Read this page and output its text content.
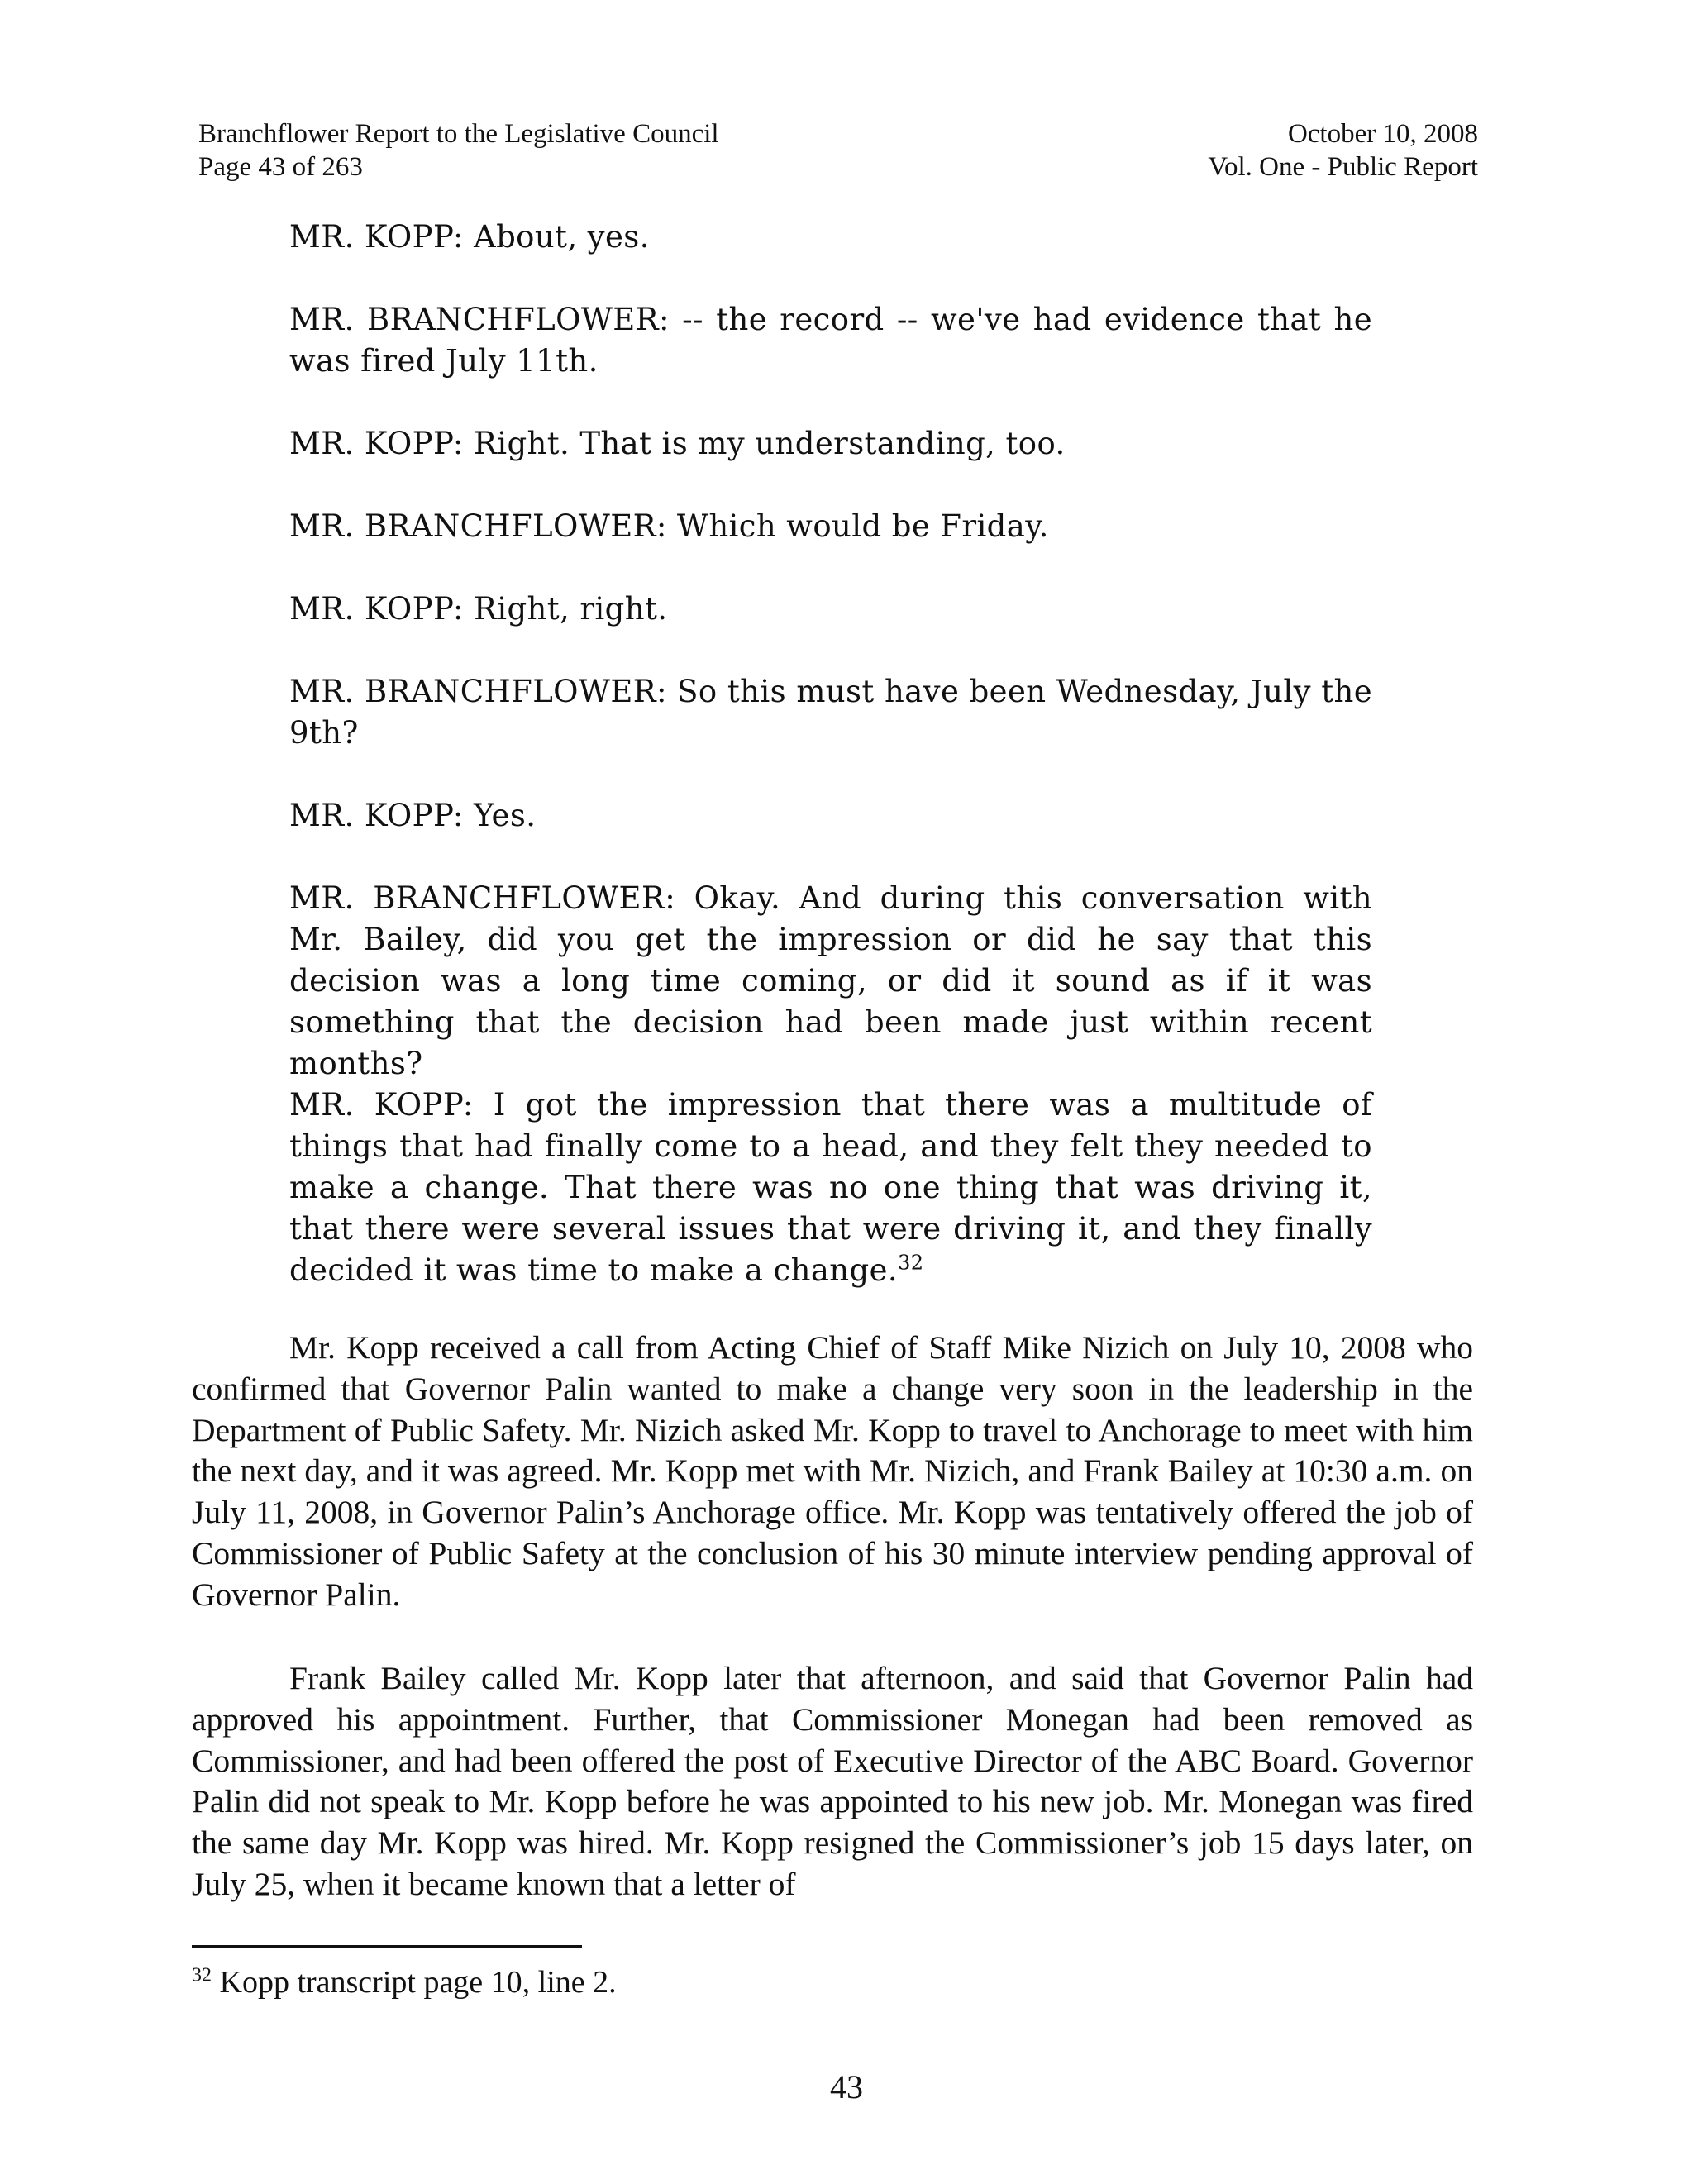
Branchflower Report to the Legislative Council
Page 43 of 263
October 10, 2008
Vol. One - Public Report
MR. KOPP: About, yes.
MR. BRANCHFLOWER: -- the record -- we've had evidence that he was fired July 11th.
MR. KOPP: Right. That is my understanding, too.
MR. BRANCHFLOWER: Which would be Friday.
MR. KOPP: Right, right.
MR. BRANCHFLOWER: So this must have been Wednesday, July the 9th?
MR. KOPP: Yes.
MR. BRANCHFLOWER: Okay. And during this conversation with Mr. Bailey, did you get the impression or did he say that this decision was a long time coming, or did it sound as if it was something that the decision had been made just within recent months?
MR. KOPP: I got the impression that there was a multitude of things that had finally come to a head, and they felt they needed to make a change. That there was no one thing that was driving it, that there were several issues that were driving it, and they finally decided it was time to make a change.$^{32}$
Mr. Kopp received a call from Acting Chief of Staff Mike Nizich on July 10, 2008 who confirmed that Governor Palin wanted to make a change very soon in the leadership in the Department of Public Safety. Mr. Nizich asked Mr. Kopp to travel to Anchorage to meet with him the next day, and it was agreed. Mr. Kopp met with Mr. Nizich, and Frank Bailey at 10:30 a.m. on July 11, 2008, in Governor Palin’s Anchorage office. Mr. Kopp was tentatively offered the job of Commissioner of Public Safety at the conclusion of his 30 minute interview pending approval of Governor Palin.
Frank Bailey called Mr. Kopp later that afternoon, and said that Governor Palin had approved his appointment. Further, that Commissioner Monegan had been removed as Commissioner, and had been offered the post of Executive Director of the ABC Board. Governor Palin did not speak to Mr. Kopp before he was appointed to his new job. Mr. Monegan was fired the same day Mr. Kopp was hired. Mr. Kopp resigned the Commissioner’s job 15 days later, on July 25, when it became known that a letter of
$^{32}$ Kopp transcript page 10, line 2.
43
